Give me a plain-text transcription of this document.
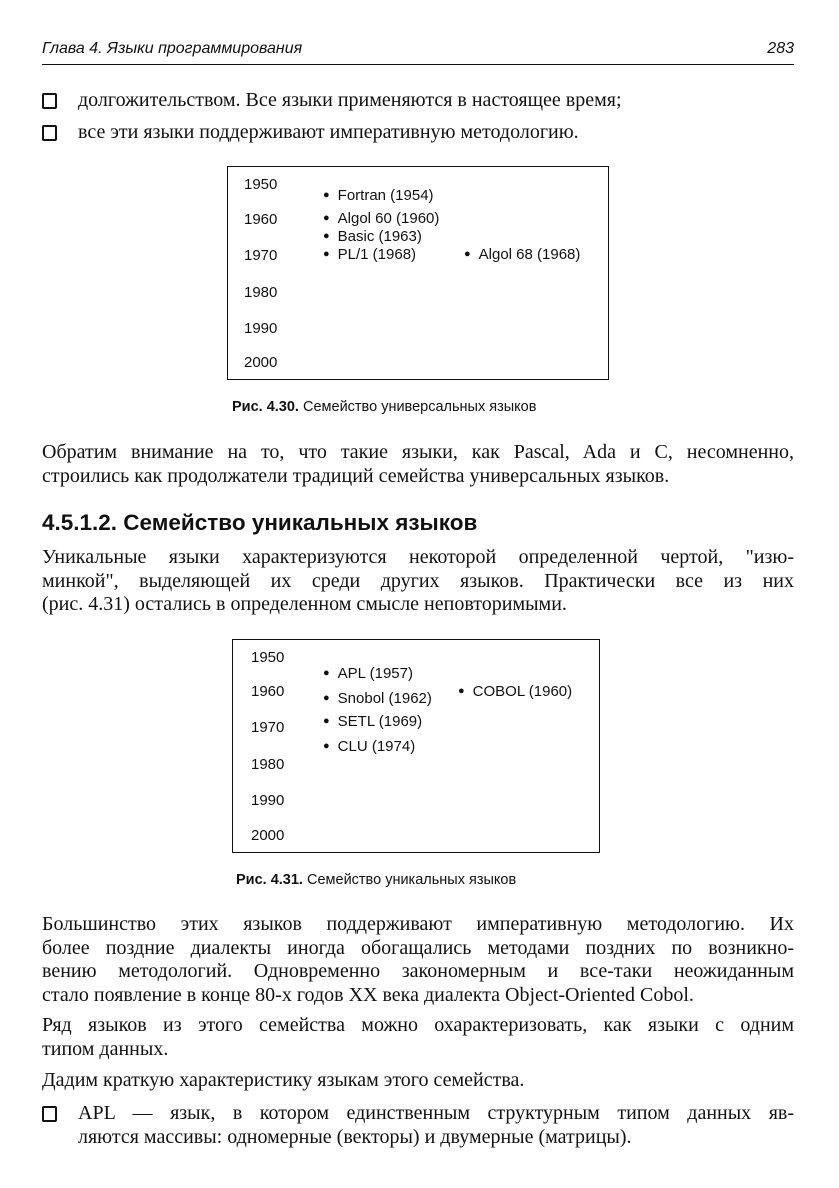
Глава 4. Языки программирования	283
долгожительством. Все языки применяются в настоящее время;
все эти языки поддерживают императивную методологию.
1950
1960
1970
1980
1990
2000
● Fortran (1954)
● Algol 60 (1960)
● Basic (1963)
● PL/1 (1968)	● Algol 68 (1968)
Рис. 4.30. Семейство универсальных языков
Обратим внимание на то, что такие языки, как Pascal, Ada и C, несомненно,
строились как продолжатели традиций семейства универсальных языков.
4.5.1.2. Семейство уникальных языков
Уникальные языки характеризуются некоторой определенной чертой, "изю-
минкой", выделяющей их среди других языков. Практически все из них
(рис. 4.31) остались в определенном смысле неповторимыми.
1950
1960
1970
1980
1990
2000
● APL (1957)
● Snobol (1962)	● COBOL (1960)
● SETL (1969)
● CLU (1974)
Рис. 4.31. Семейство уникальных языков
Большинство этих языков поддерживают императивную методологию. Их
более поздние диалекты иногда обогащались методами поздних по возникно-
вению методологий. Одновременно закономерным и все-таки неожиданным
стало появление в конце 80-х годов XX века диалекта Object-Oriented Cobol.
Ряд языков из этого семейства можно охарактеризовать, как языки с одним
типом данных.
Дадим краткую характеристику языкам этого семейства.
APL — язык, в котором единственным структурным типом данных яв-
ляются массивы: одномерные (векторы) и двумерные (матрицы).
